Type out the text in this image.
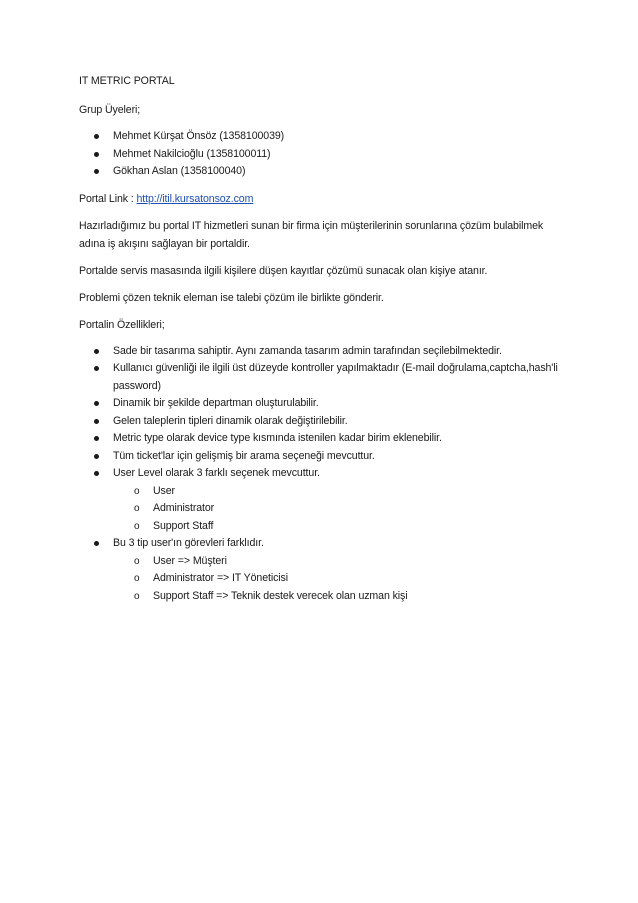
IT METRIC PORTAL

Grup Üyeleri;

Mehmet Kürşat Önsöz (1358100039)
Mehmet Nakilcioğlu (1358100011)
Gökhan Aslan (1358100040)

Portal Link : http://itil.kursatonsoz.com

Hazırladığımız bu portal IT hizmetleri sunan bir firma için müşterilerinin sorunlarına çözüm bulabilmek adına iş akışını sağlayan bir portaldir.

Portalde servis masasında ilgili kişilere düşen kayıtlar çözümü sunacak olan kişiye atanır.

Problemi çözen teknik eleman ise talebi çözüm ile birlikte gönderir.

Portalin Özellikleri;

Sade bir tasarıma sahiptir. Aynı zamanda tasarım admin tarafından seçilebilmektedir.
Kullanıcı güvenliği ile ilgili üst düzeyde kontroller yapılmaktadır (E-mail doğrulama,captcha,hash'li password)
Dinamik bir şekilde departman oluşturulabilir.
Gelen taleplerin tipleri dinamik olarak değiştirilebilir.
Metric type olarak device type kısmında istenilen kadar birim eklenebilir.
Tüm ticket'lar için gelişmiş bir arama seçeneği mevcuttur.
User Level olarak 3 farklı seçenek mevcuttur.
o User
o Administrator
o Support Staff
Bu 3 tip user'ın görevleri farklıdır.
o User => Müşteri
o Administrator => IT Yöneticisi
o Support Staff => Teknik destek verecek olan uzman kişi
